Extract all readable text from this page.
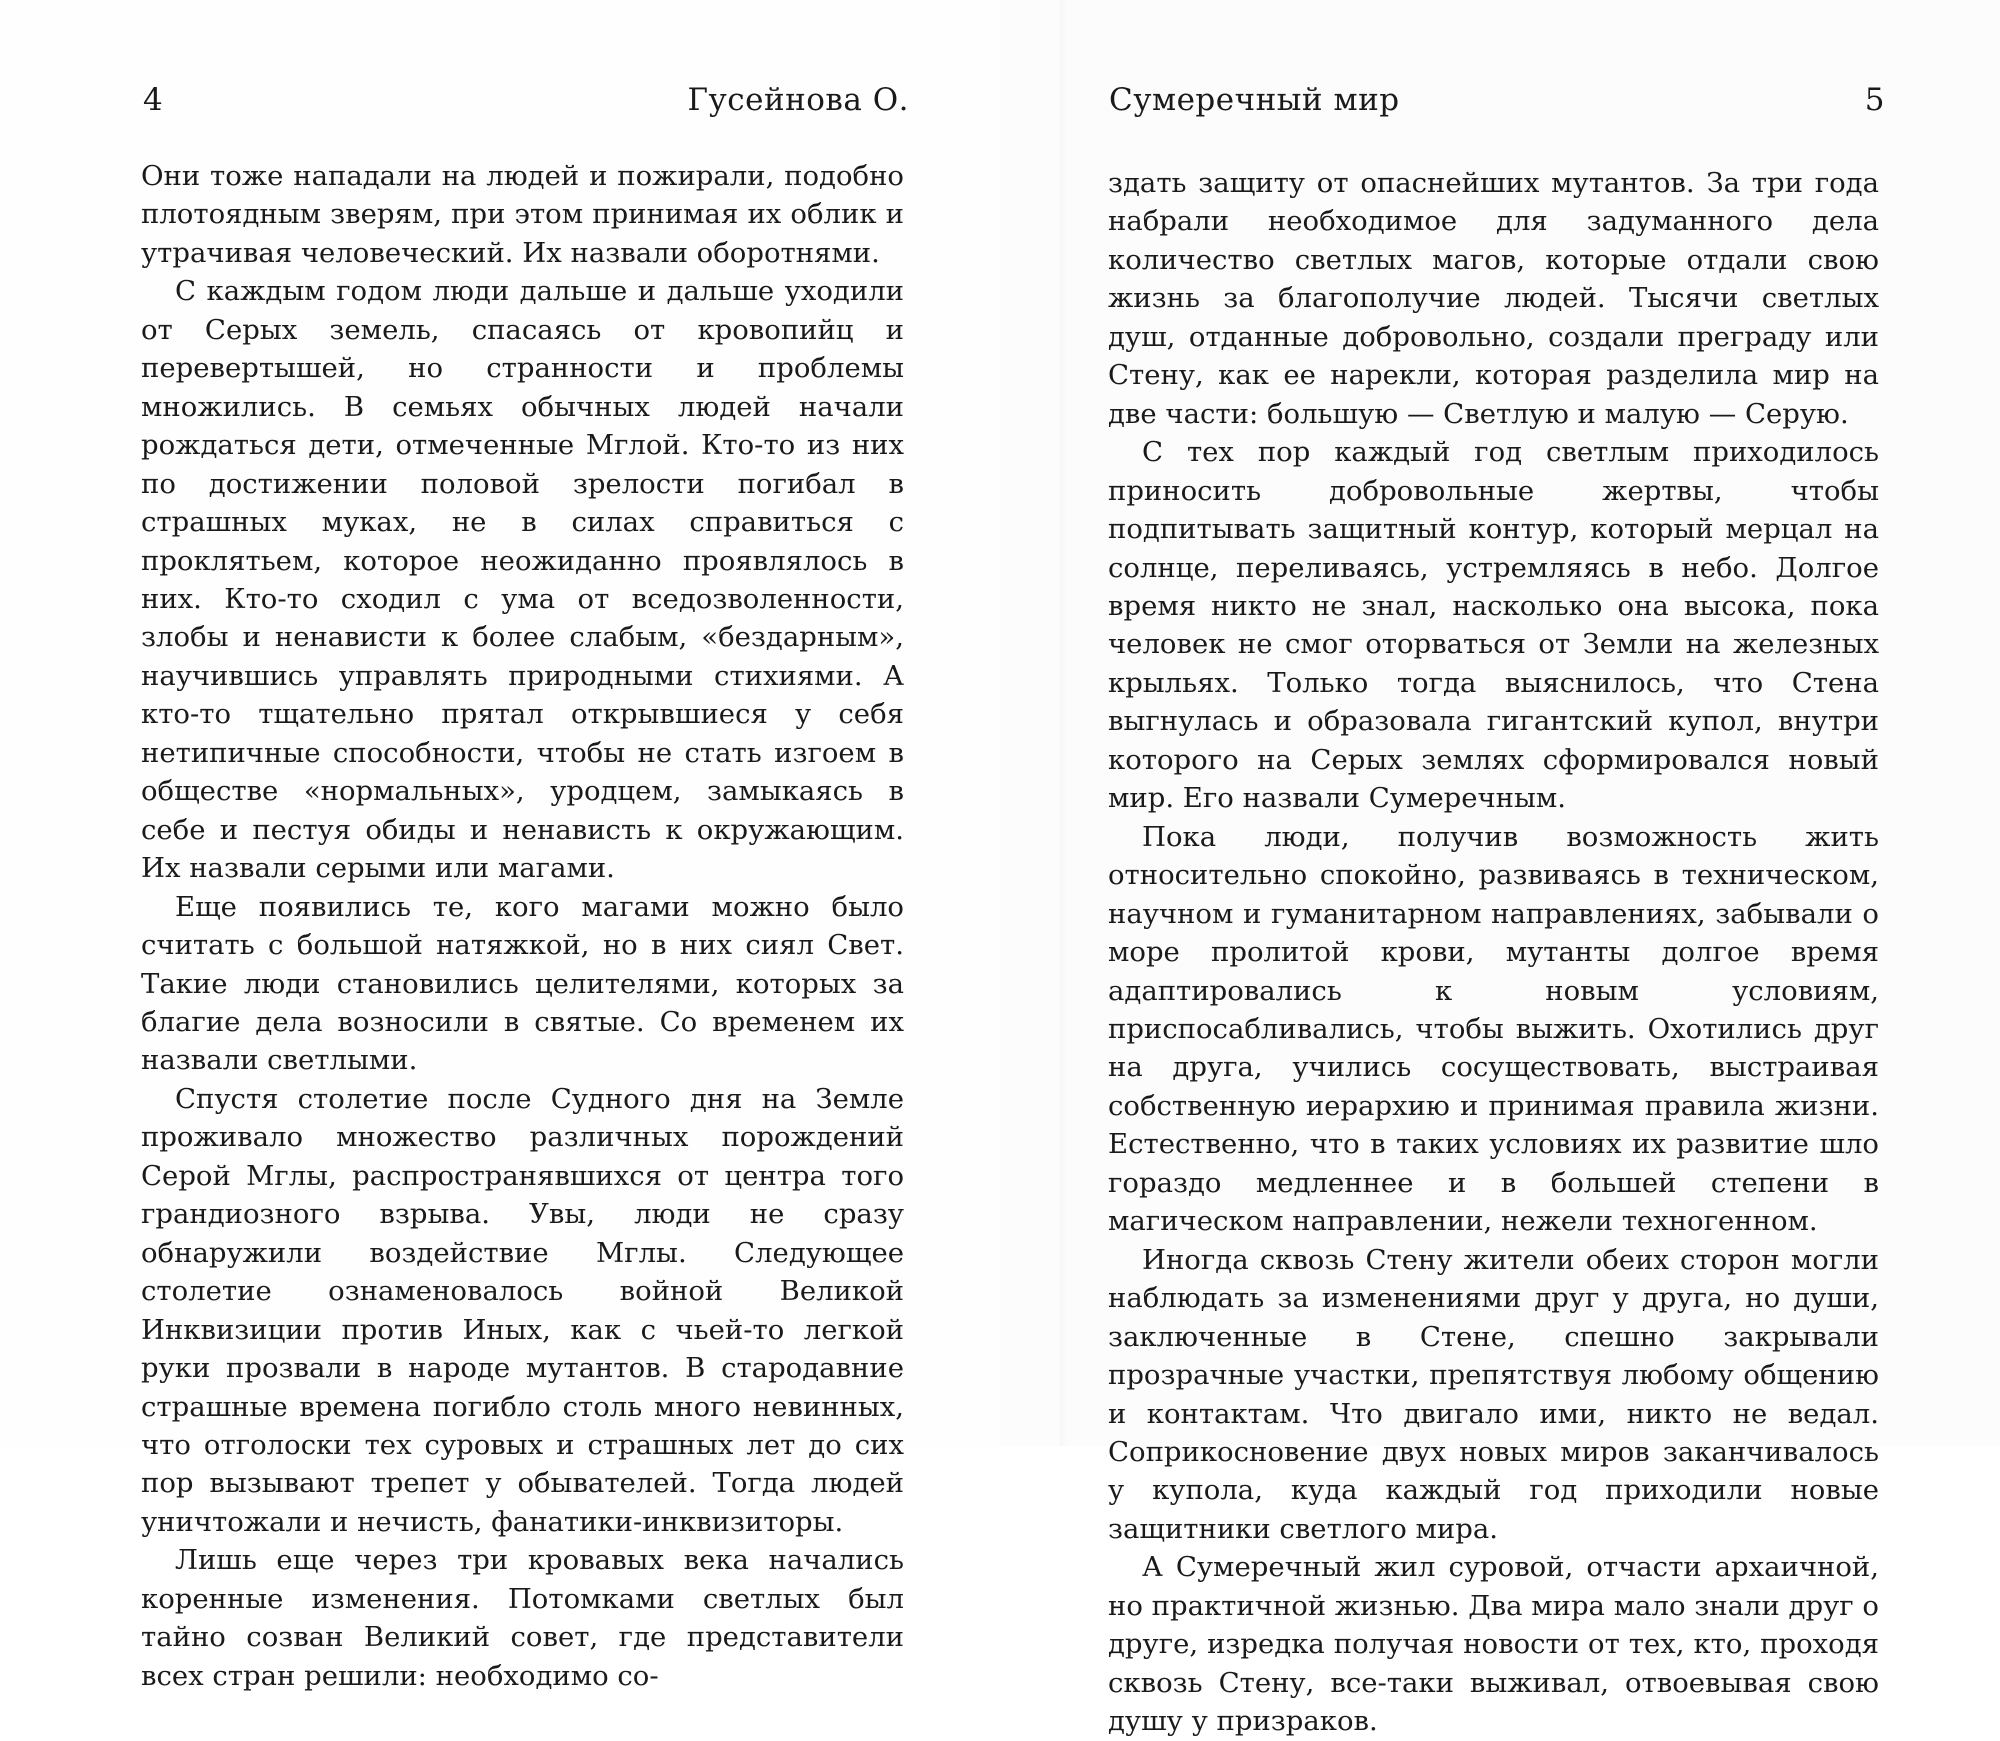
4	Гусейнова О.

Они тоже нападали на людей и пожирали, подобно плотоядным зверям, при этом принимая их облик и утрачивая человеческий. Их назвали оборотнями.

С каждым годом люди дальше и дальше уходили от Серых земель, спасаясь от кровопийц и перевертышей, но странности и проблемы множились. В семьях обычных людей начали рождаться дети, отмеченные Мглой. Кто-то из них по достижении половой зрелости погибал в страшных муках, не в силах справиться с проклятьем, которое неожиданно проявлялось в них. Кто-то сходил с ума от вседозволенности, злобы и ненависти к более слабым, «бездарным», научившись управлять природными стихиями. А кто-то тщательно прятал открывшиеся у себя нетипичные способности, чтобы не стать изгоем в обществе «нормальных», уродцем, замыкаясь в себе и пестуя обиды и ненависть к окружающим. Их назвали серыми или магами.

Еще появились те, кого магами можно было считать с большой натяжкой, но в них сиял Свет. Такие люди становились целителями, которых за благие дела возносили в святые. Со временем их назвали светлыми.

Спустя столетие после Судного дня на Земле проживало множество различных порождений Серой Мглы, распространявшихся от центра того грандиозного взрыва. Увы, люди не сразу обнаружили воздействие Мглы. Следующее столетие ознаменовалось войной Великой Инквизиции против Иных, как с чьей-то легкой руки прозвали в народе мутантов. В стародавние страшные времена погибло столь много невинных, что отголоски тех суровых и страшных лет до сих пор вызывают трепет у обывателей. Тогда людей уничтожали и нечисть, фанатики-инквизиторы.

Лишь еще через три кровавых века начались коренные изменения. Потомками светлых был тайно созван Великий совет, где представители всех стран решили: необходимо со-

Сумеречный мир	5

здать защиту от опаснейших мутантов. За три года набрали необходимое для задуманного дела количество светлых магов, которые отдали свою жизнь за благополучие людей. Тысячи светлых душ, отданные добровольно, создали преграду или Стену, как ее нарекли, которая разделила мир на две части: большую — Светлую и малую — Серую.

С тех пор каждый год светлым приходилось приносить добровольные жертвы, чтобы подпитывать защитный контур, который мерцал на солнце, переливаясь, устремляясь в небо. Долгое время никто не знал, насколько она высока, пока человек не смог оторваться от Земли на железных крыльях. Только тогда выяснилось, что Стена выгнулась и образовала гигантский купол, внутри которого на Серых землях сформировался новый мир. Его назвали Сумеречным.

Пока люди, получив возможность жить относительно спокойно, развиваясь в техническом, научном и гуманитарном направлениях, забывали о море пролитой крови, мутанты долгое время адаптировались к новым условиям, приспосабливались, чтобы выжить. Охотились друг на друга, учились сосуществовать, выстраивая собственную иерархию и принимая правила жизни. Естественно, что в таких условиях их развитие шло гораздо медленнее и в большей степени в магическом направлении, нежели техногенном.

Иногда сквозь Стену жители обеих сторон могли наблюдать за изменениями друг у друга, но души, заключенные в Стене, спешно закрывали прозрачные участки, препятствуя любому общению и контактам. Что двигало ими, никто не ведал. Соприкосновение двух новых миров заканчивалось у купола, куда каждый год приходили новые защитники светлого мира.

А Сумеречный жил суровой, отчасти архаичной, но практичной жизнью. Два мира мало знали друг о друге, изредка получая новости от тех, кто, проходя сквозь Стену, все-таки выживал, отвоевывая свою душу у призраков.
